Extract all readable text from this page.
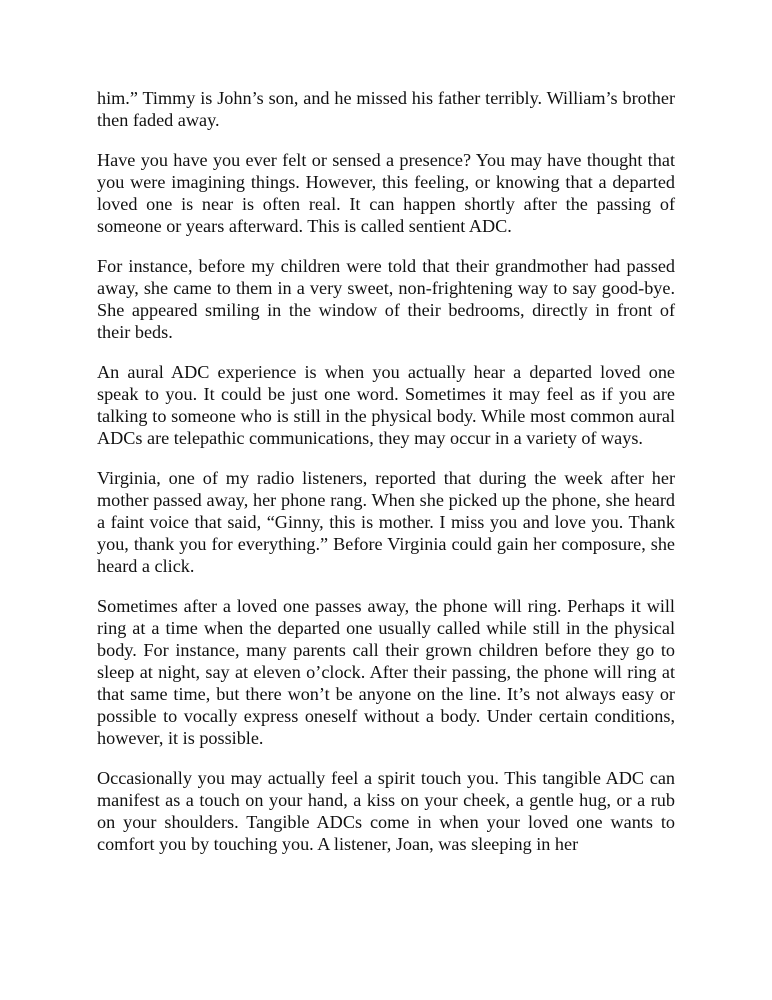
him.” Timmy is John’s son, and he missed his father terribly. William’s brother then faded away.

Have you have you ever felt or sensed a presence? You may have thought that you were imagining things. However, this feeling, or knowing that a departed loved one is near is often real. It can happen shortly after the passing of someone or years afterward. This is called sentient ADC.

For instance, before my children were told that their grandmother had passed away, she came to them in a very sweet, non-frightening way to say good-bye. She appeared smiling in the window of their bedrooms, directly in front of their beds.

An aural ADC experience is when you actually hear a departed loved one speak to you. It could be just one word. Sometimes it may feel as if you are talking to someone who is still in the physical body. While most common aural ADCs are telepathic communications, they may occur in a variety of ways.

Virginia, one of my radio listeners, reported that during the week after her mother passed away, her phone rang. When she picked up the phone, she heard a faint voice that said, “Ginny, this is mother. I miss you and love you. Thank you, thank you for everything.” Before Virginia could gain her composure, she heard a click.

Sometimes after a loved one passes away, the phone will ring. Perhaps it will ring at a time when the departed one usually called while still in the physical body. For instance, many parents call their grown children before they go to sleep at night, say at eleven o’clock. After their passing, the phone will ring at that same time, but there won’t be anyone on the line. It’s not always easy or possible to vocally express oneself without a body. Under certain conditions, however, it is possible.

Occasionally you may actually feel a spirit touch you. This tangible ADC can manifest as a touch on your hand, a kiss on your cheek, a gentle hug, or a rub on your shoulders. Tangible ADCs come in when your loved one wants to comfort you by touching you. A listener, Joan, was sleeping in her
